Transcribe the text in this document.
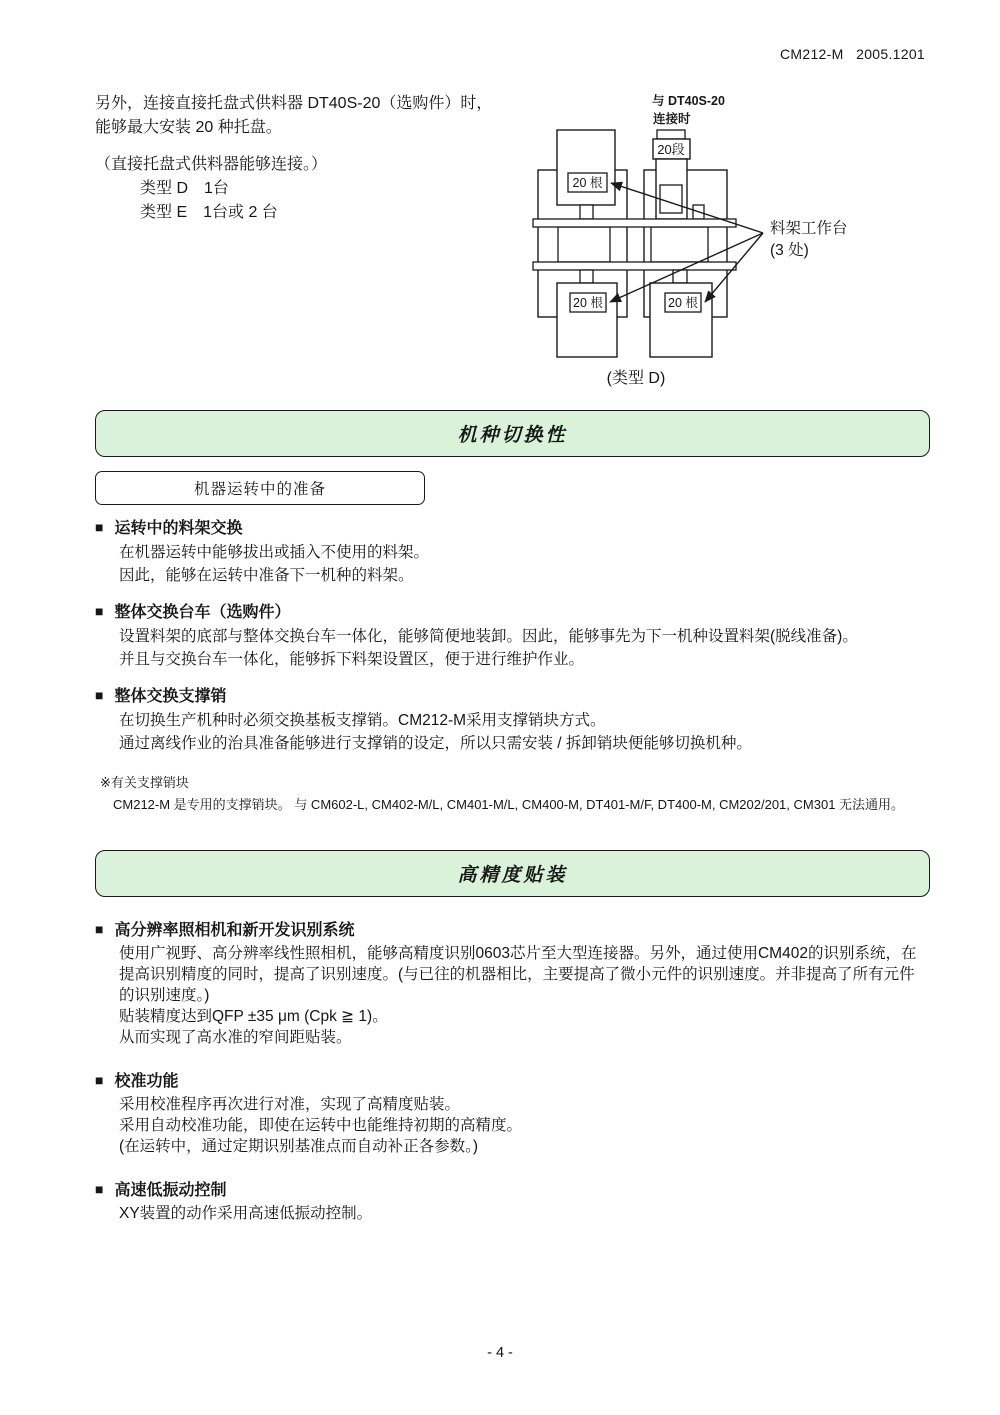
CM212-M   2005.1201
另外，连接直接托盘式供料器 DT40S-20（选购件）时，
能够最大安装 20 种托盘。
（直接托盘式供料器能够连接。）
类型 D　1台
类型 E　1台或 2 台
与 DT40S-20
连接时
20段
20 根
20 根	20 根
料架工作台
(3 处)
(类型 D)
机种切换性
机器运转中的准备
■ 运转中的料架交换
在机器运转中能够拔出或插入不使用的料架。
因此，能够在运转中准备下一机种的料架。
■ 整体交换台车（选购件）
设置料架的底部与整体交换台车一体化，能够简便地装卸。因此，能够事先为下一机种设置料架(脱线准备)。
并且与交换台车一体化，能够拆下料架设置区，便于进行维护作业。
■ 整体交换支撑销
在切换生产机种时必须交换基板支撑销。CM212-M采用支撑销块方式。
通过离线作业的治具准备能够进行支撑销的设定，所以只需安装 / 拆卸销块便能够切换机种。
※有关支撑销块
CM212-M 是专用的支撑销块。 与 CM602-L, CM402-M/L, CM401-M/L, CM400-M, DT401-M/F, DT400-M, CM202/201, CM301 无法通用。
高精度贴装
■ 高分辨率照相机和新开发识别系统
使用广视野、高分辨率线性照相机，能够高精度识别0603芯片至大型连接器。另外，通过使用CM402的识别系统，在提高识别精度的同时，提高了识别速度。(与已往的机器相比，主要提高了微小元件的识别速度。并非提高了所有元件的识别速度。)
贴装精度达到QFP ±35 μm (Cpk ≧ 1)。
从而实现了高水准的窄间距贴装。
■ 校准功能
采用校准程序再次进行对准，实现了高精度贴装。
采用自动校准功能，即使在运转中也能维持初期的高精度。
(在运转中，通过定期识别基准点而自动补正各参数。)
■ 高速低振动控制
XY装置的动作采用高速低振动控制。
- 4 -
